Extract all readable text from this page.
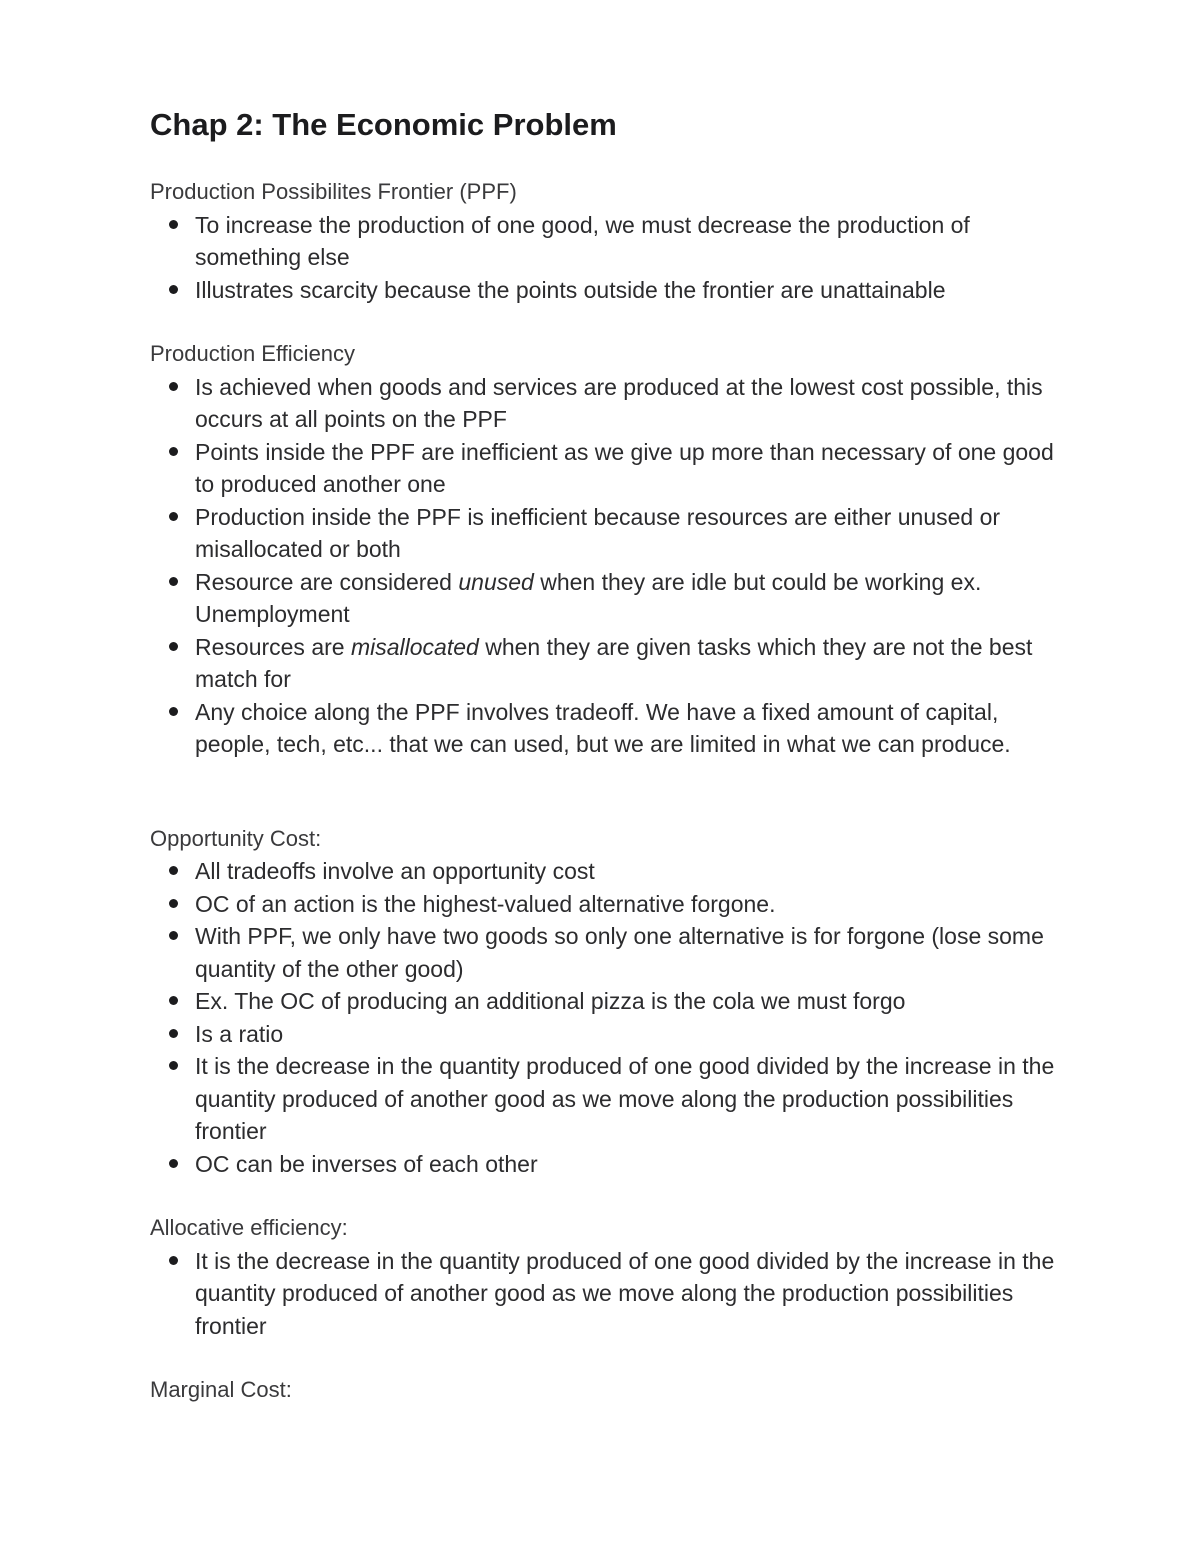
Chap 2: The Economic Problem

Production Possibilites Frontier (PPF)

To increase the production of one good, we must decrease the production of something else
Illustrates scarcity because the points outside the frontier are unattainable

Production Efficiency

Is achieved when goods and services are produced at the lowest cost possible, this occurs at all points on the PPF
Points inside the PPF are inefficient as we give up more than necessary of one good to produced another one
Production inside the PPF is inefficient because resources are either unused or misallocated or both
Resource are considered unused when they are idle but could be working ex. Unemployment
Resources are misallocated when they are given tasks which they are not the best match for
Any choice along the PPF involves tradeoff. We have a fixed amount of capital, people, tech, etc... that we can used, but we are limited in what we can produce.

Opportunity Cost:

All tradeoffs involve an opportunity cost
OC of an action is the highest-valued alternative forgone.
With PPF, we only have two goods so only one alternative is for forgone (lose some quantity of the other good)
Ex. The OC of producing an additional pizza is the cola we must forgo
Is a ratio
It is the decrease in the quantity produced of one good divided by the increase in the quantity produced of another good as we move along the production possibilities frontier
OC can be inverses of each other

Allocative efficiency:

It is the decrease in the quantity produced of one good divided by the increase in the quantity produced of another good as we move along the production possibilities frontier

Marginal Cost:
